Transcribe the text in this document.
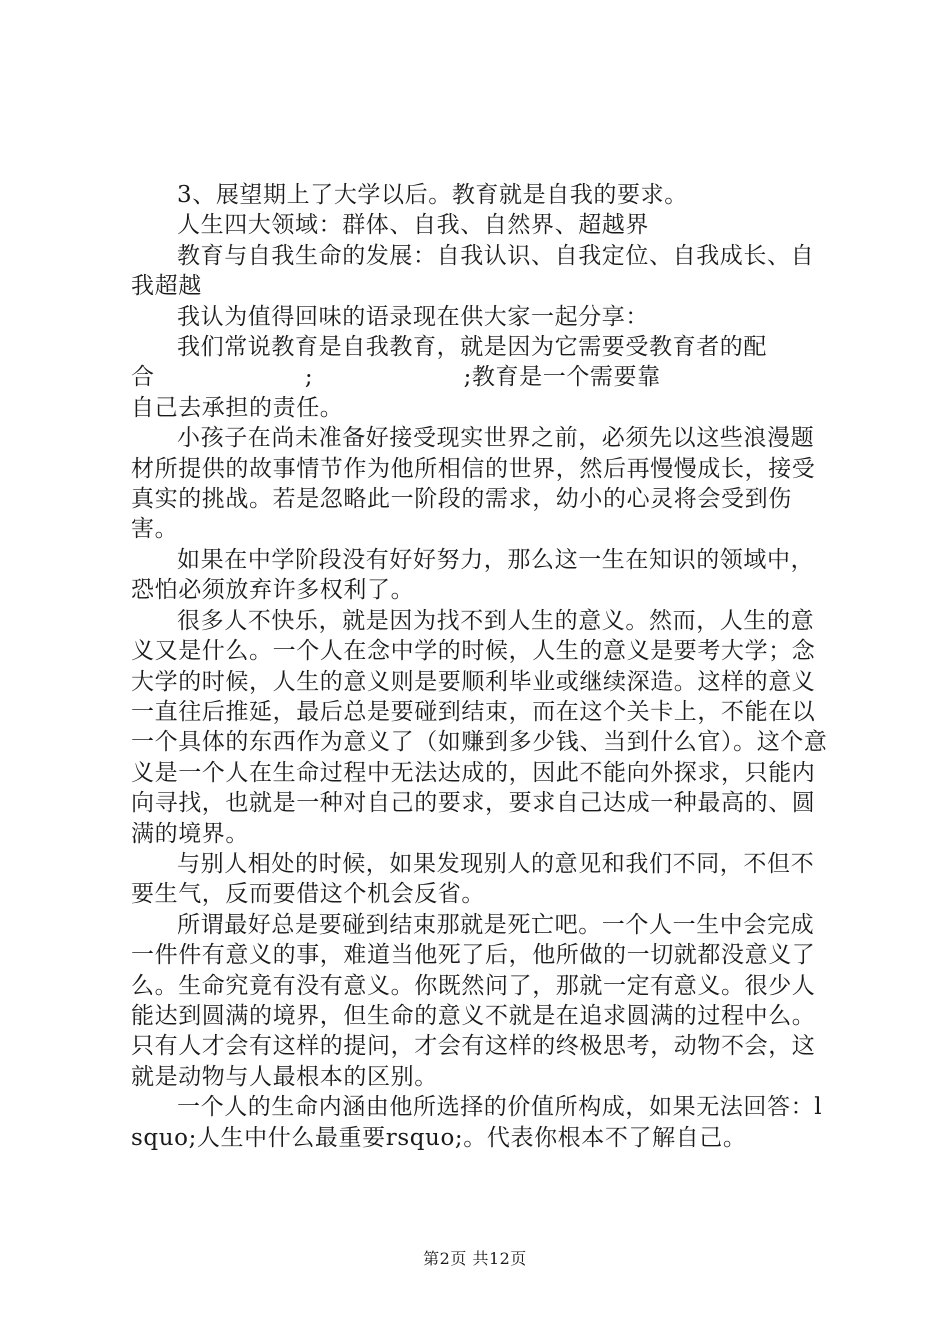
3、展望期上了大学以后。教育就是自我的要求。

人生四大领域：群体、自我、自然界、超越界

教育与自我生命的发展：自我认识、自我定位、自我成长、自我超越

我认为值得回味的语录现在供大家一起分享：

我们常说教育是自我教育，就是因为它需要受教育者的配
合                   ;                   ;教育是一个需要靠
自己去承担的责任。

小孩子在尚未准备好接受现实世界之前，必须先以这些浪漫题材所提供的故事情节作为他所相信的世界，然后再慢慢成长，接受真实的挑战。若是忽略此一阶段的需求，幼小的心灵将会受到伤害。

如果在中学阶段没有好好努力，那么这一生在知识的领域中，恐怕必须放弃许多权利了。

很多人不快乐，就是因为找不到人生的意义。然而，人生的意义又是什么。一个人在念中学的时候，人生的意义是要考大学；念大学的时候，人生的意义则是要顺利毕业或继续深造。这样的意义一直往后推延，最后总是要碰到结束，而在这个关卡上，不能在以一个具体的东西作为意义了（如赚到多少钱、当到什么官）。这个意义是一个人在生命过程中无法达成的，因此不能向外探求，只能内向寻找，也就是一种对自己的要求，要求自己达成一种最高的、圆满的境界。

与别人相处的时候，如果发现别人的意见和我们不同，不但不要生气，反而要借这个机会反省。

所谓最好总是要碰到结束那就是死亡吧。一个人一生中会完成一件件有意义的事，难道当他死了后，他所做的一切就都没意义了么。生命究竟有没有意义。你既然问了，那就一定有意义。很少人能达到圆满的境界，但生命的意义不就是在追求圆满的过程中么。只有人才会有这样的提问，才会有这样的终极思考，动物不会，这就是动物与人最根本的区别。

一个人的生命内涵由他所选择的价值所构成，如果无法回答：lsquo;人生中什么最重要rsquo;。代表你根本不了解自己。

第2页 共12页
